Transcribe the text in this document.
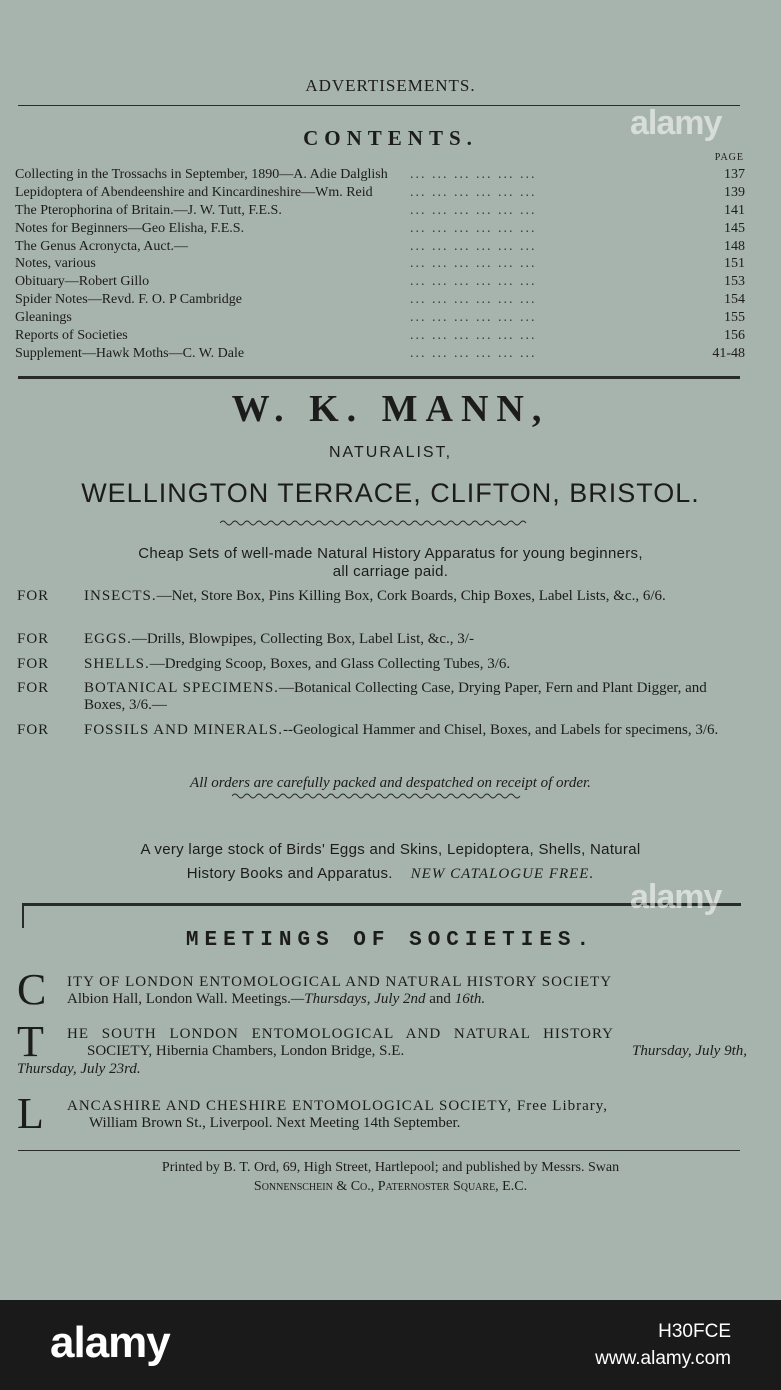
ADVERTISEMENTS.

CONTENTS.

PAGE

Collecting in the Trossachs in September, 1890—A. Adie Dalglish ... ... ... ... ... ...	137
Lepidoptera of Abendeenshire and Kincardineshire—Wm. Reid	... ... ... ... ... ...	139
The Pterophorina of Britain.—J. W. Tutt, F.E.S.	... ... ... ... ... ...	141
Notes for Beginners—Geo Elisha, F.E.S.	... ... ... ... ... ...	145
The Genus Acronycta, Auct.—	... ... ... ... ... ...	148
Notes, various	... ... ... ... ... ...	151
Obituary—Robert Gillo	... ... ... ... ... ...	153
Spider Notes—Revd. F. O. P Cambridge	... ... ... ... ... ...	154
Gleanings	... ... ... ... ... ...	155
Reports of Societies	... ... ... ... ... ...	156
Supplement—Hawk Moths—C. W. Dale	... ... ... ... ... ...	41-48

W. K. MANN,

NATURALIST,

WELLINGTON TERRACE, CLIFTON, BRISTOL.

Cheap Sets of well-made Natural History Apparatus for young beginners,
all carriage paid.

FOR INSECTS.—Net, Store Box, Pins Killing Box, Cork Boards, Chip Boxes, Label Lists, &c., 6/6.
FOR EGGS.—Drills, Blowpipes, Collecting Box, Label List, &c., 3/-
FOR SHELLS.—Dredging Scoop, Boxes, and Glass Collecting Tubes, 3/6.
FOR BOTANICAL SPECIMENS.—Botanical Collecting Case, Drying Paper, Fern and Plant Digger, and Boxes, 3/6.—
FOR FOSSILS AND MINERALS.--Geological Hammer and Chisel, Boxes, and Labels for specimens, 3/6.

All orders are carefully packed and despatched on receipt of order.

A very large stock of Birds' Eggs and Skins, Lepidoptera, Shells, Natural
History Books and Apparatus. NEW CATALOGUE FREE.

MEETINGS OF SOCIETIES.

C ITY OF LONDON ENTOMOLOGICAL AND NATURAL HISTORY SOCIETY
Albion Hall, London Wall. Meetings.—Thursdays, July 2nd and 16th.
T HE SOUTH LONDON ENTOMOLOGICAL AND NATURAL HISTORY
SOCIETY, Hibernia Chambers, London Bridge, S.E.	Thursday, July 9th,
Thursday, July 23rd.
L ANCASHIRE AND CHESHIRE ENTOMOLOGICAL SOCIETY, Free Library,
William Brown St., Liverpool. Next Meeting 14th September.

Printed by B. T. Ord, 69, High Street, Hartlepool; and published by Messrs. Swan
Sonnenschein & Co., Paternoster Square, E.C.

alamy
alamy
alamy	H30FCE
www.alamy.com
